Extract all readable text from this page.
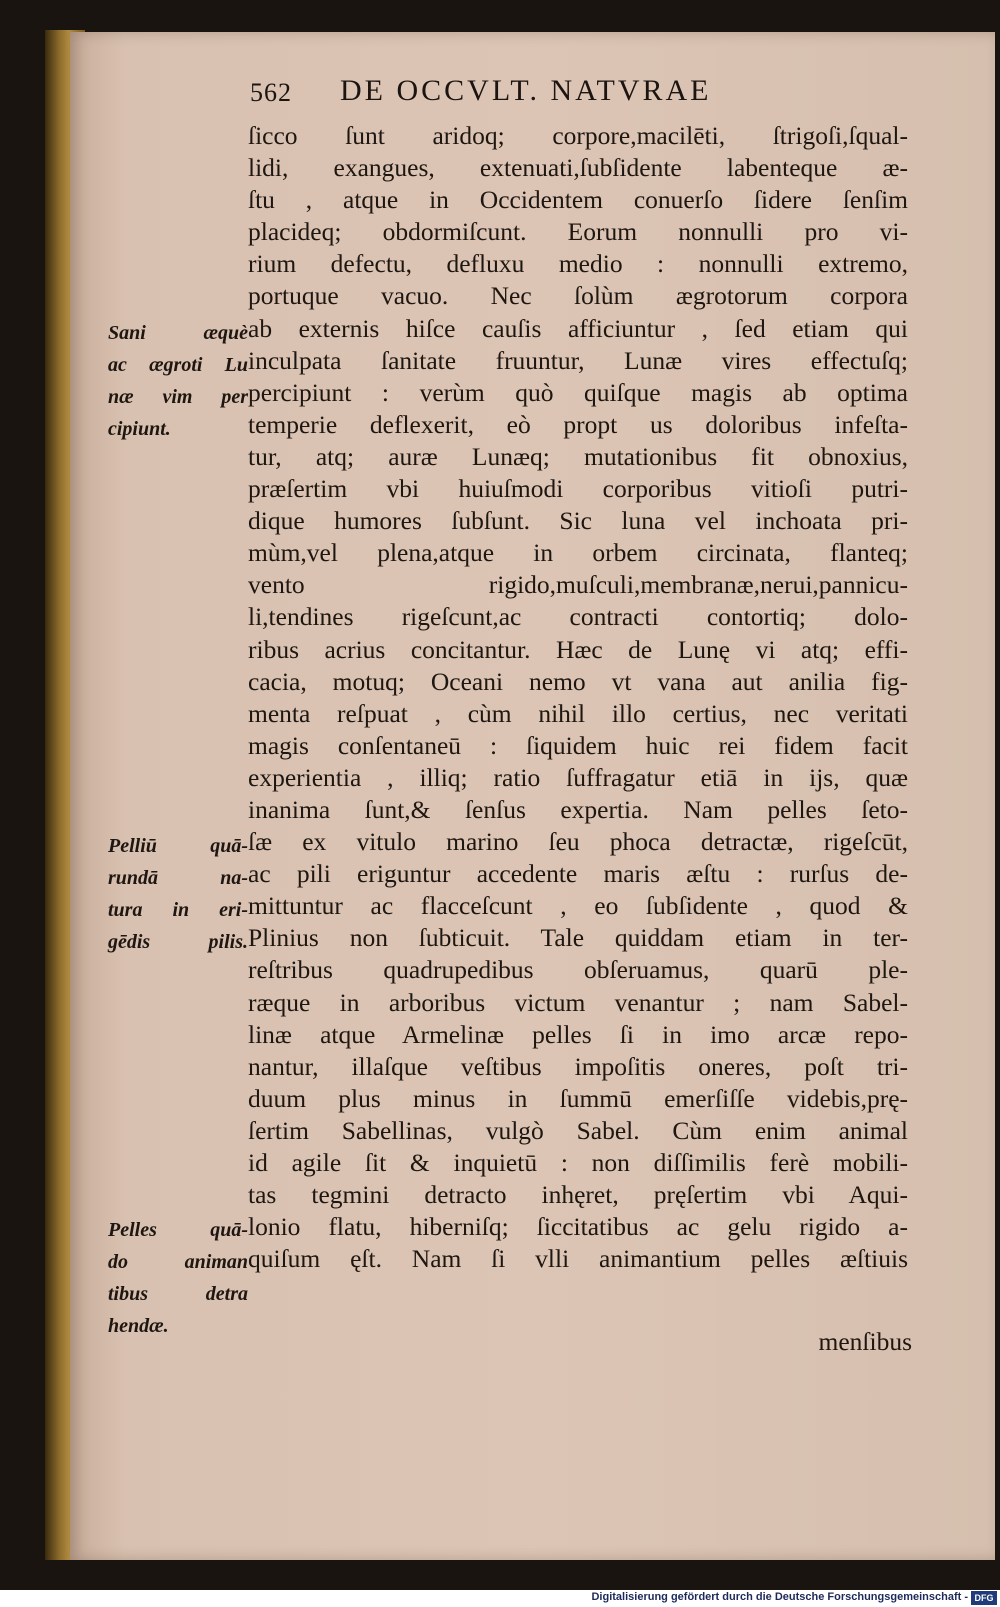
562 DE OCCVLT. NATVRAE
ſicco ſunt aridoq; corpore,macilēti, ſtrigoſi,ſqual-
lidi, exangues, extenuati,ſubſidente labenteque æ-
ſtu , atque in Occidentem conuerſo ſidere ſenſim
placideq; obdormiſcunt. Eorum nonnulli pro vi-
rium defectu, defluxu medio : nonnulli extremo,
portuque vacuo. Nec ſolùm ægrotorum corpora
ab externis hiſce cauſis afficiuntur , ſed etiam qui
inculpata ſanitate fruuntur, Lunæ vires effectuſq;
percipiunt : verùm quò quiſque magis ab optima
temperie deflexerit, eò propt us doloribus infeſta-
tur, atq; auræ Lunæq; mutationibus fit obnoxius,
præſertim vbi huiuſmodi corporibus vitioſi putri-
dique humores ſubſunt. Sic luna vel inchoata pri-
mùm,vel plena,atque in orbem circinata, flanteq;
vento rigido,muſculi,membranæ,nerui,pannicu-
li,tendines rigeſcunt,ac contracti contortiq; dolo-
ribus acrius concitantur. Hæc de Lunę vi atq; effi-
cacia, motuq; Oceani nemo vt vana aut anilia fig-
menta reſpuat , cùm nihil illo certius, nec veritati
magis conſentaneū : ſiquidem huic rei fidem facit
experientia , illiq; ratio ſuffragatur etiā in ijs, quæ
inanima ſunt,& ſenſus expertia. Nam pelles ſeto-
ſæ ex vitulo marino ſeu phoca detractæ, rigeſcūt,
ac pili eriguntur accedente maris æſtu : rurſus de-
mittuntur ac flacceſcunt , eo ſubſidente , quod &
Plinius non ſubticuit. Tale quiddam etiam in ter-
reſtribus quadrupedibus obſeruamus, quarū ple-
ræque in arboribus victum venantur ; nam Sabel-
linæ atque Armelinæ pelles ſi in imo arcæ repo-
nantur, illaſque veſtibus impoſitis oneres, poſt tri-
duum plus minus in ſummū emerſiſſe videbis,prę-
ſertim Sabellinas, vulgò Sabel. Cùm enim animal
id agile ſit & inquietū : non diſſimilis ferè mobili-
tas tegmini detracto inhęret, pręſertim vbi Aqui-
lonio flatu, hiberniſq; ſiccitatibus ac gelu rigido a-
quiſum ęſt. Nam ſi vlli animantium pelles æſtiuis
menſibus
Sani æquè
ac ægroti Lu
næ vim per
cipiunt.
Pelliū quā-
rundā na-
tura in eri-
gēdis pilis.
Pelles quā-
do animan
tibus detra
hendæ.
Digitalisierung gefördert durch die Deutsche Forschungsgemeinschaft - DFG
